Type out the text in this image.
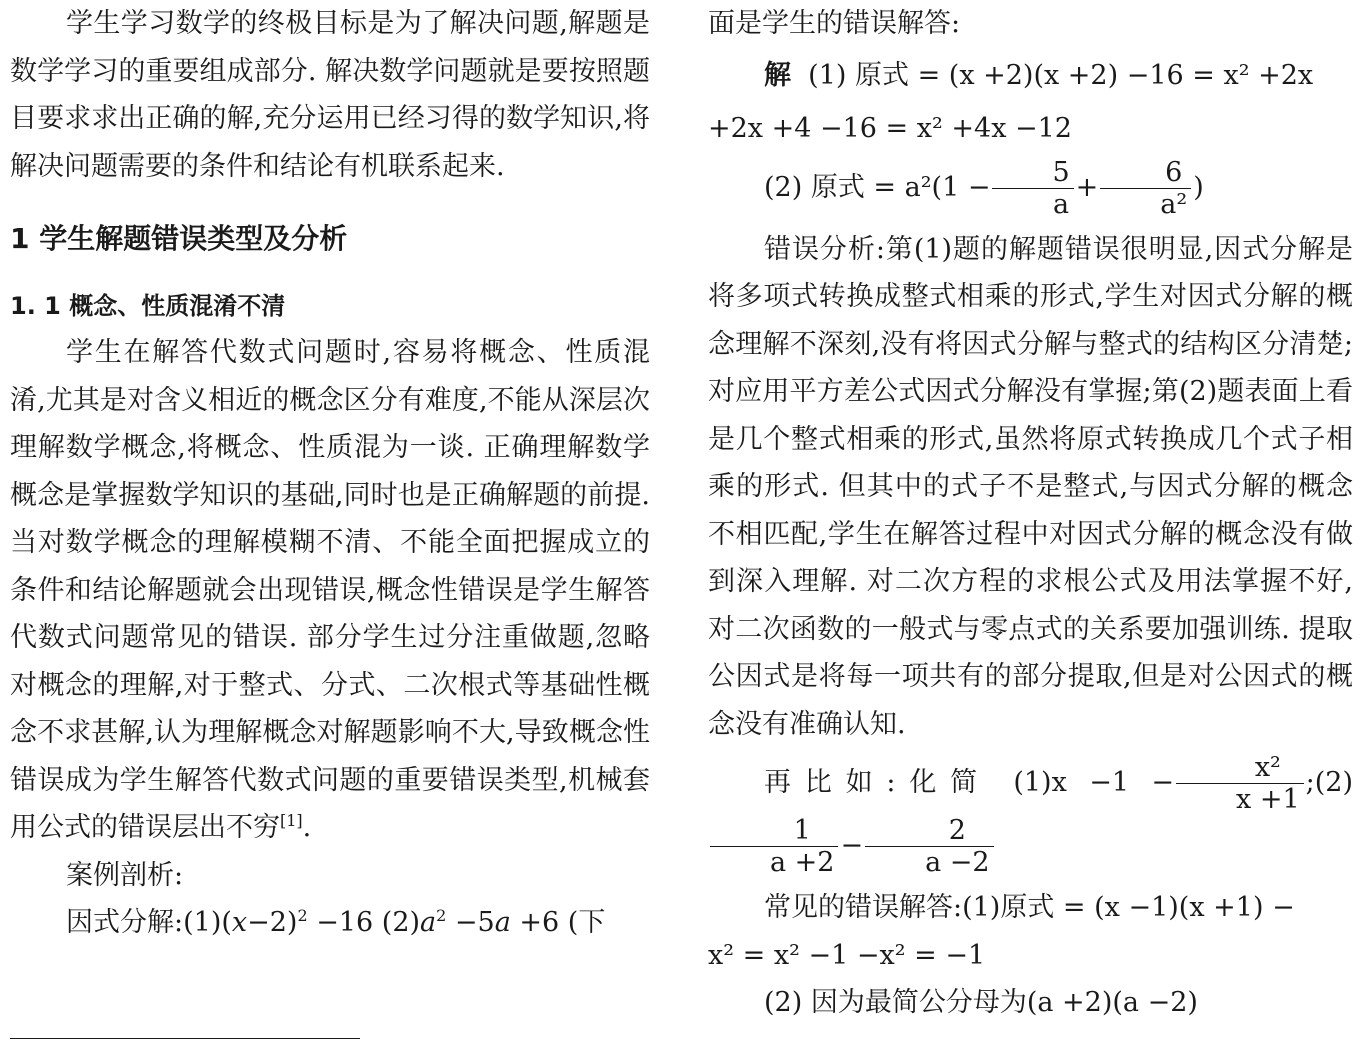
学生学习数学的终极目标是为了解决问题,解题是数学学习的重要组成部分. 解决数学问题就是要按照题目要求求出正确的解,充分运用已经习得的数学知识,将解决问题需要的条件和结论有机联系起来.

1 学生解题错误类型及分析
1. 1 概念、性质混淆不清

学生在解答代数式问题时,容易将概念、性质混淆,尤其是对含义相近的概念区分有难度,不能从深层次理解数学概念,将概念、性质混为一谈. 正确理解数学概念是掌握数学知识的基础,同时也是正确解题的前提. 当对数学概念的理解模糊不清、不能全面把握成立的条件和结论解题就会出现错误,概念性错误是学生解答代数式问题常见的错误. 部分学生过分注重做题,忽略对概念的理解,对于整式、分式、二次根式等基础性概念不求甚解,认为理解概念对解题影响不大,导致概念性错误成为学生解答代数式问题的重要错误类型,机械套用公式的错误层出不穷[1].

案例剖析:

因式分解$:(1)(x-2)^2 -16$ $(2)a^2 -5a +6$ (下

面是学生的错误解答:

解 (1) 原式 = (x +2)(x +2) −16 = x² +2x

+2x +4 −16 = x² +4x −12

(2) 原式 = $a^2(1 - \frac{5}{a} + \frac{6}{\text{a²}}$ )

错误分析:第(1)题的解题错误很明显,因式分解是将多项式转换成整式相乘的形式,学生对因式分解的概念理解不深刻,没有将因式分解与整式的结构区分清楚;对应用平方差公式因式分解没有掌握;第(2)题表面上看是几个整式相乘的形式,虽然将原式转换成几个式子相乘的形式. 但其中的式子不是整式,与因式分解的概念不相匹配,学生在解答过程中对因式分解的概念没有做到深入理解. 对二次方程的求根公式及用法掌握不好,对二次函数的一般式与零点式的关系要加强训练. 提取公因式是将每一项共有的部分提取,但是对公因式的概念没有准确认知.

再比如:化简 $(1)x -1 - \frac{\text{x²}}{x +1}$ ;(2)
$\frac{1}{a +2} - \frac{2}{a -2}$

常见的错误解答:(1)原式 = (x −1)(x +1) −

x² = x² −1 −x² = −1

(2) 因为最简公分母为(a +2)(a −2)
